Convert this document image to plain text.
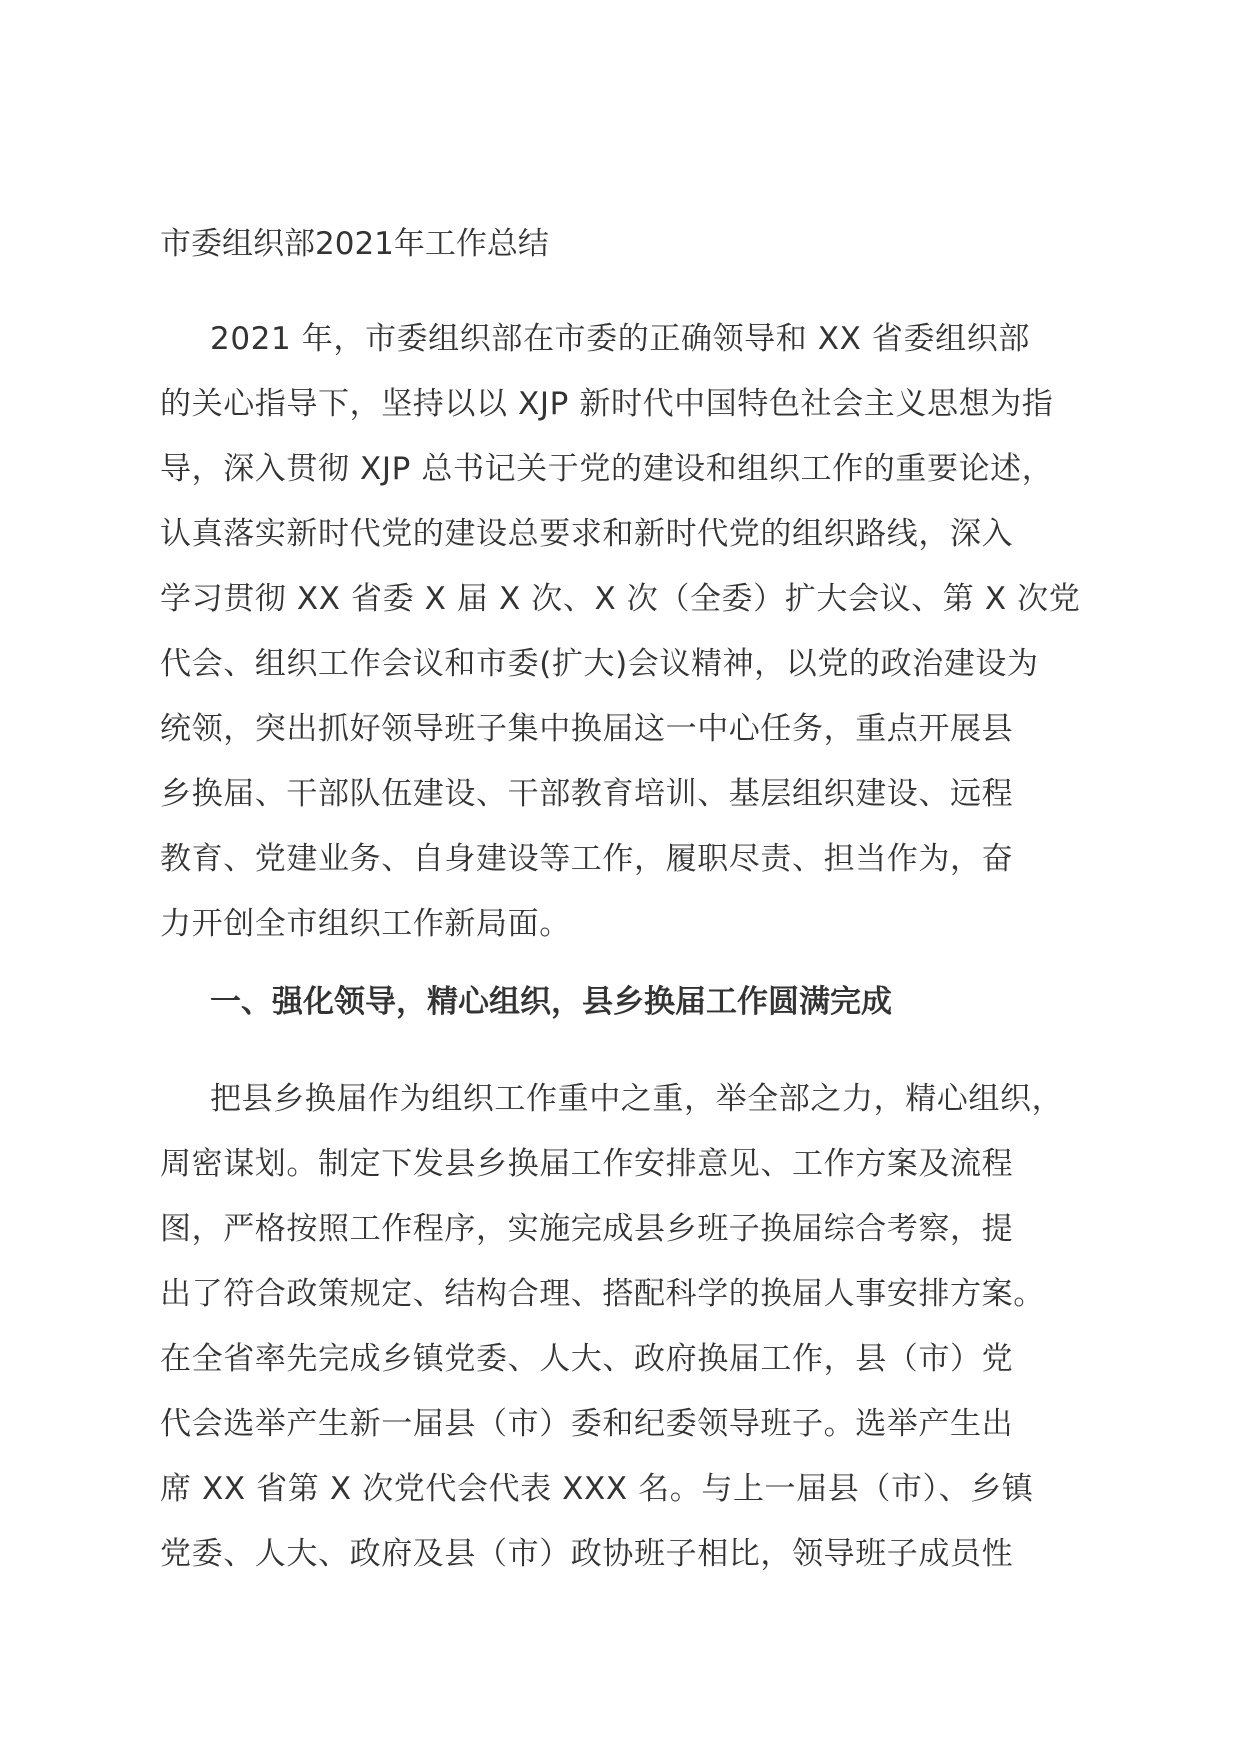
市委组织部2021年工作总结
2021 年，市委组织部在市委的正确领导和 XX 省委组织部
的关心指导下，坚持以以 XJP 新时代中国特色社会主义思想为指
导，深入贯彻 XJP 总书记关于党的建设和组织工作的重要论述，
认真落实新时代党的建设总要求和新时代党的组织路线，深入
学习贯彻 XX 省委 X 届 X 次、X 次（全委）扩大会议、第 X 次党
代会、组织工作会议和市委(扩大)会议精神，以党的政治建设为
统领，突出抓好领导班子集中换届这一中心任务，重点开展县
乡换届、干部队伍建设、干部教育培训、基层组织建设、远程
教育、党建业务、自身建设等工作，履职尽责、担当作为，奋
力开创全市组织工作新局面。
一、强化领导，精心组织，县乡换届工作圆满完成
把县乡换届作为组织工作重中之重，举全部之力，精心组织，
周密谋划。制定下发县乡换届工作安排意见、工作方案及流程
图，严格按照工作程序，实施完成县乡班子换届综合考察，提
出了符合政策规定、结构合理、搭配科学的换届人事安排方案。
在全省率先完成乡镇党委、人大、政府换届工作，县（市）党
代会选举产生新一届县（市）委和纪委领导班子。选举产生出
席 XX 省第 X 次党代会代表 XXX 名。与上一届县（市）、乡镇
党委、人大、政府及县（市）政协班子相比，领导班子成员性
